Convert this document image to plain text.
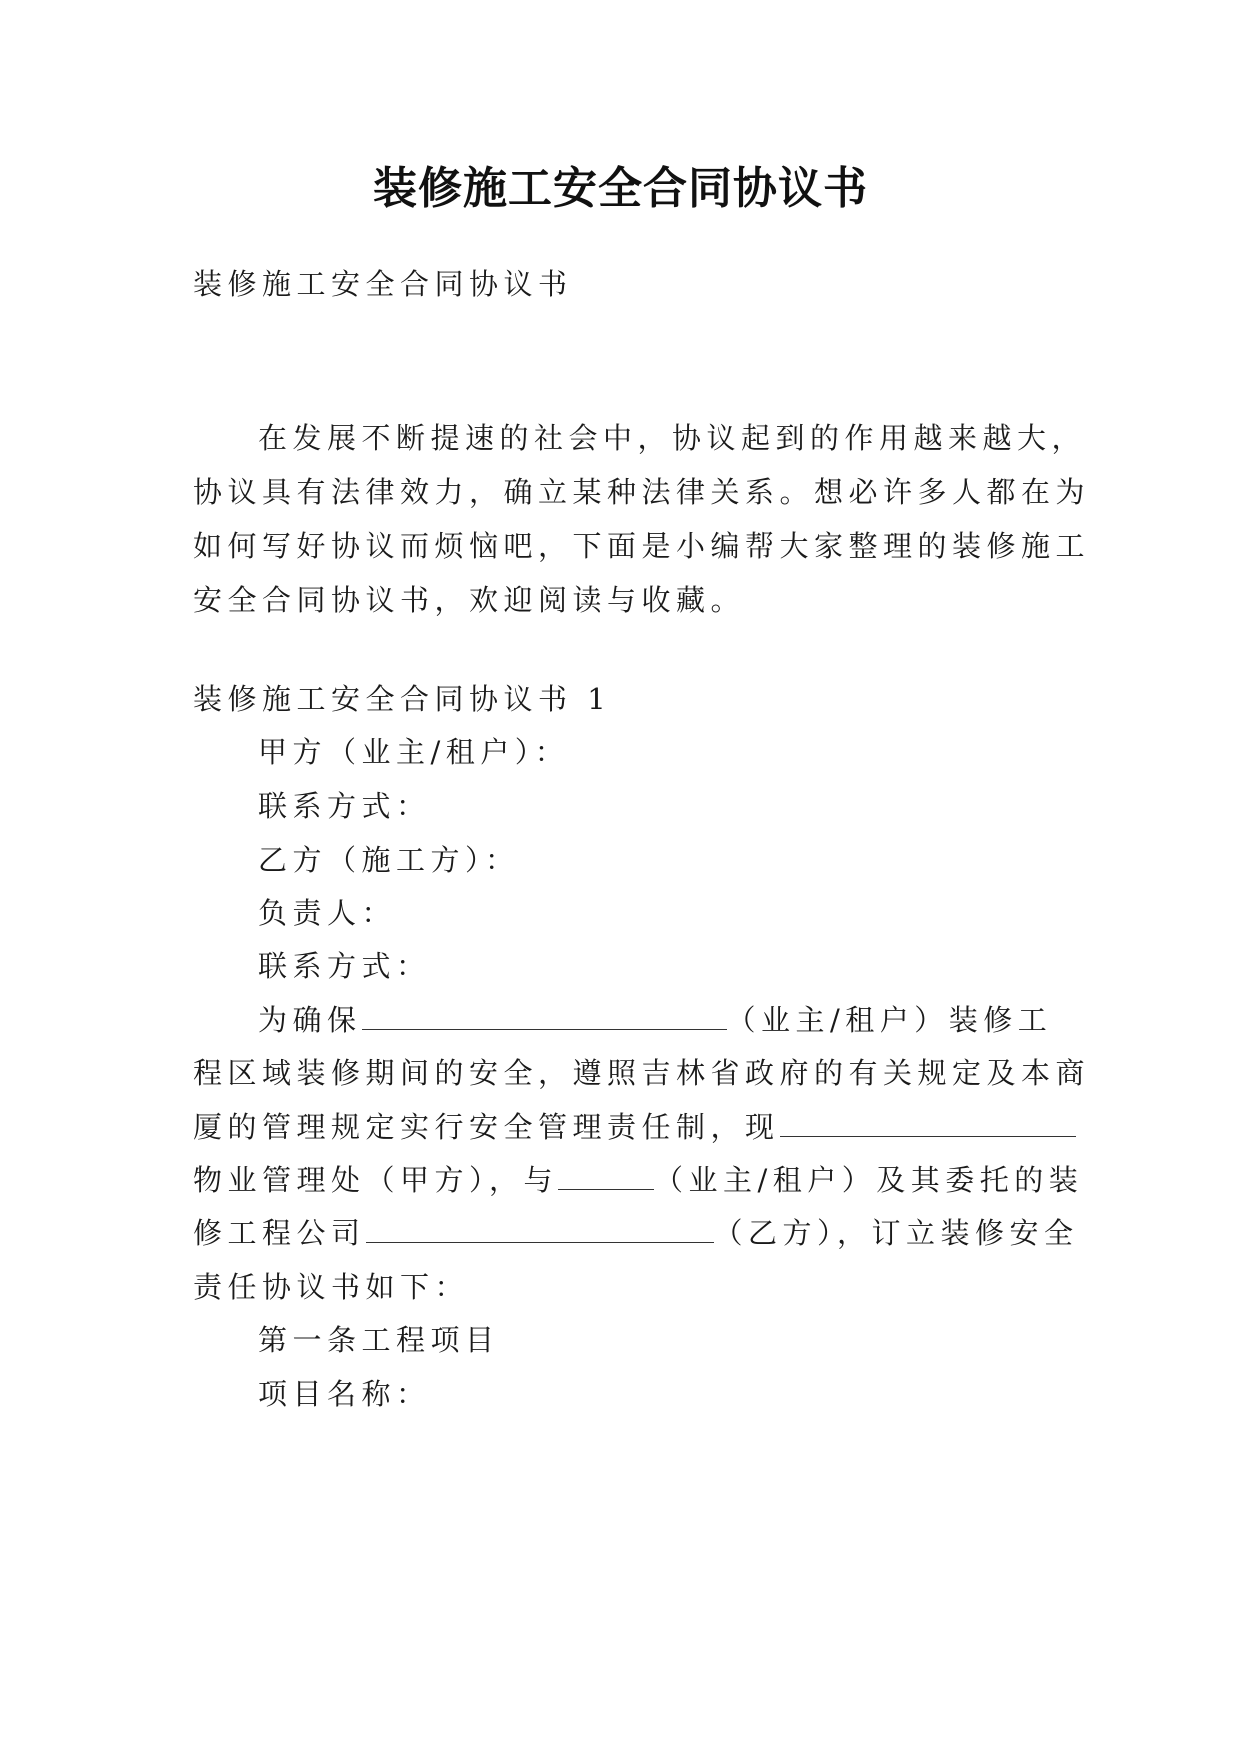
装修施工安全合同协议书
装修施工安全合同协议书
在发展不断提速的社会中，协议起到的作用越来越大，
协议具有法律效力，确立某种法律关系。想必许多人都在为
如何写好协议而烦恼吧，下面是小编帮大家整理的装修施工
安全合同协议书，欢迎阅读与收藏。
装修施工安全合同协议书 1
甲方（业主/租户）：
联系方式：
乙方（施工方）：
负责人：
联系方式：
为确保	（业主/租户）装修工
程区域装修期间的安全，遵照吉林省政府的有关规定及本商
厦的管理规定实行安全管理责任制，现
物业管理处（甲方），与	（业主/租户）及其委托的装
修工程公司	（乙方），订立装修安全
责任协议书如下：
第一条工程项目
项目名称：
